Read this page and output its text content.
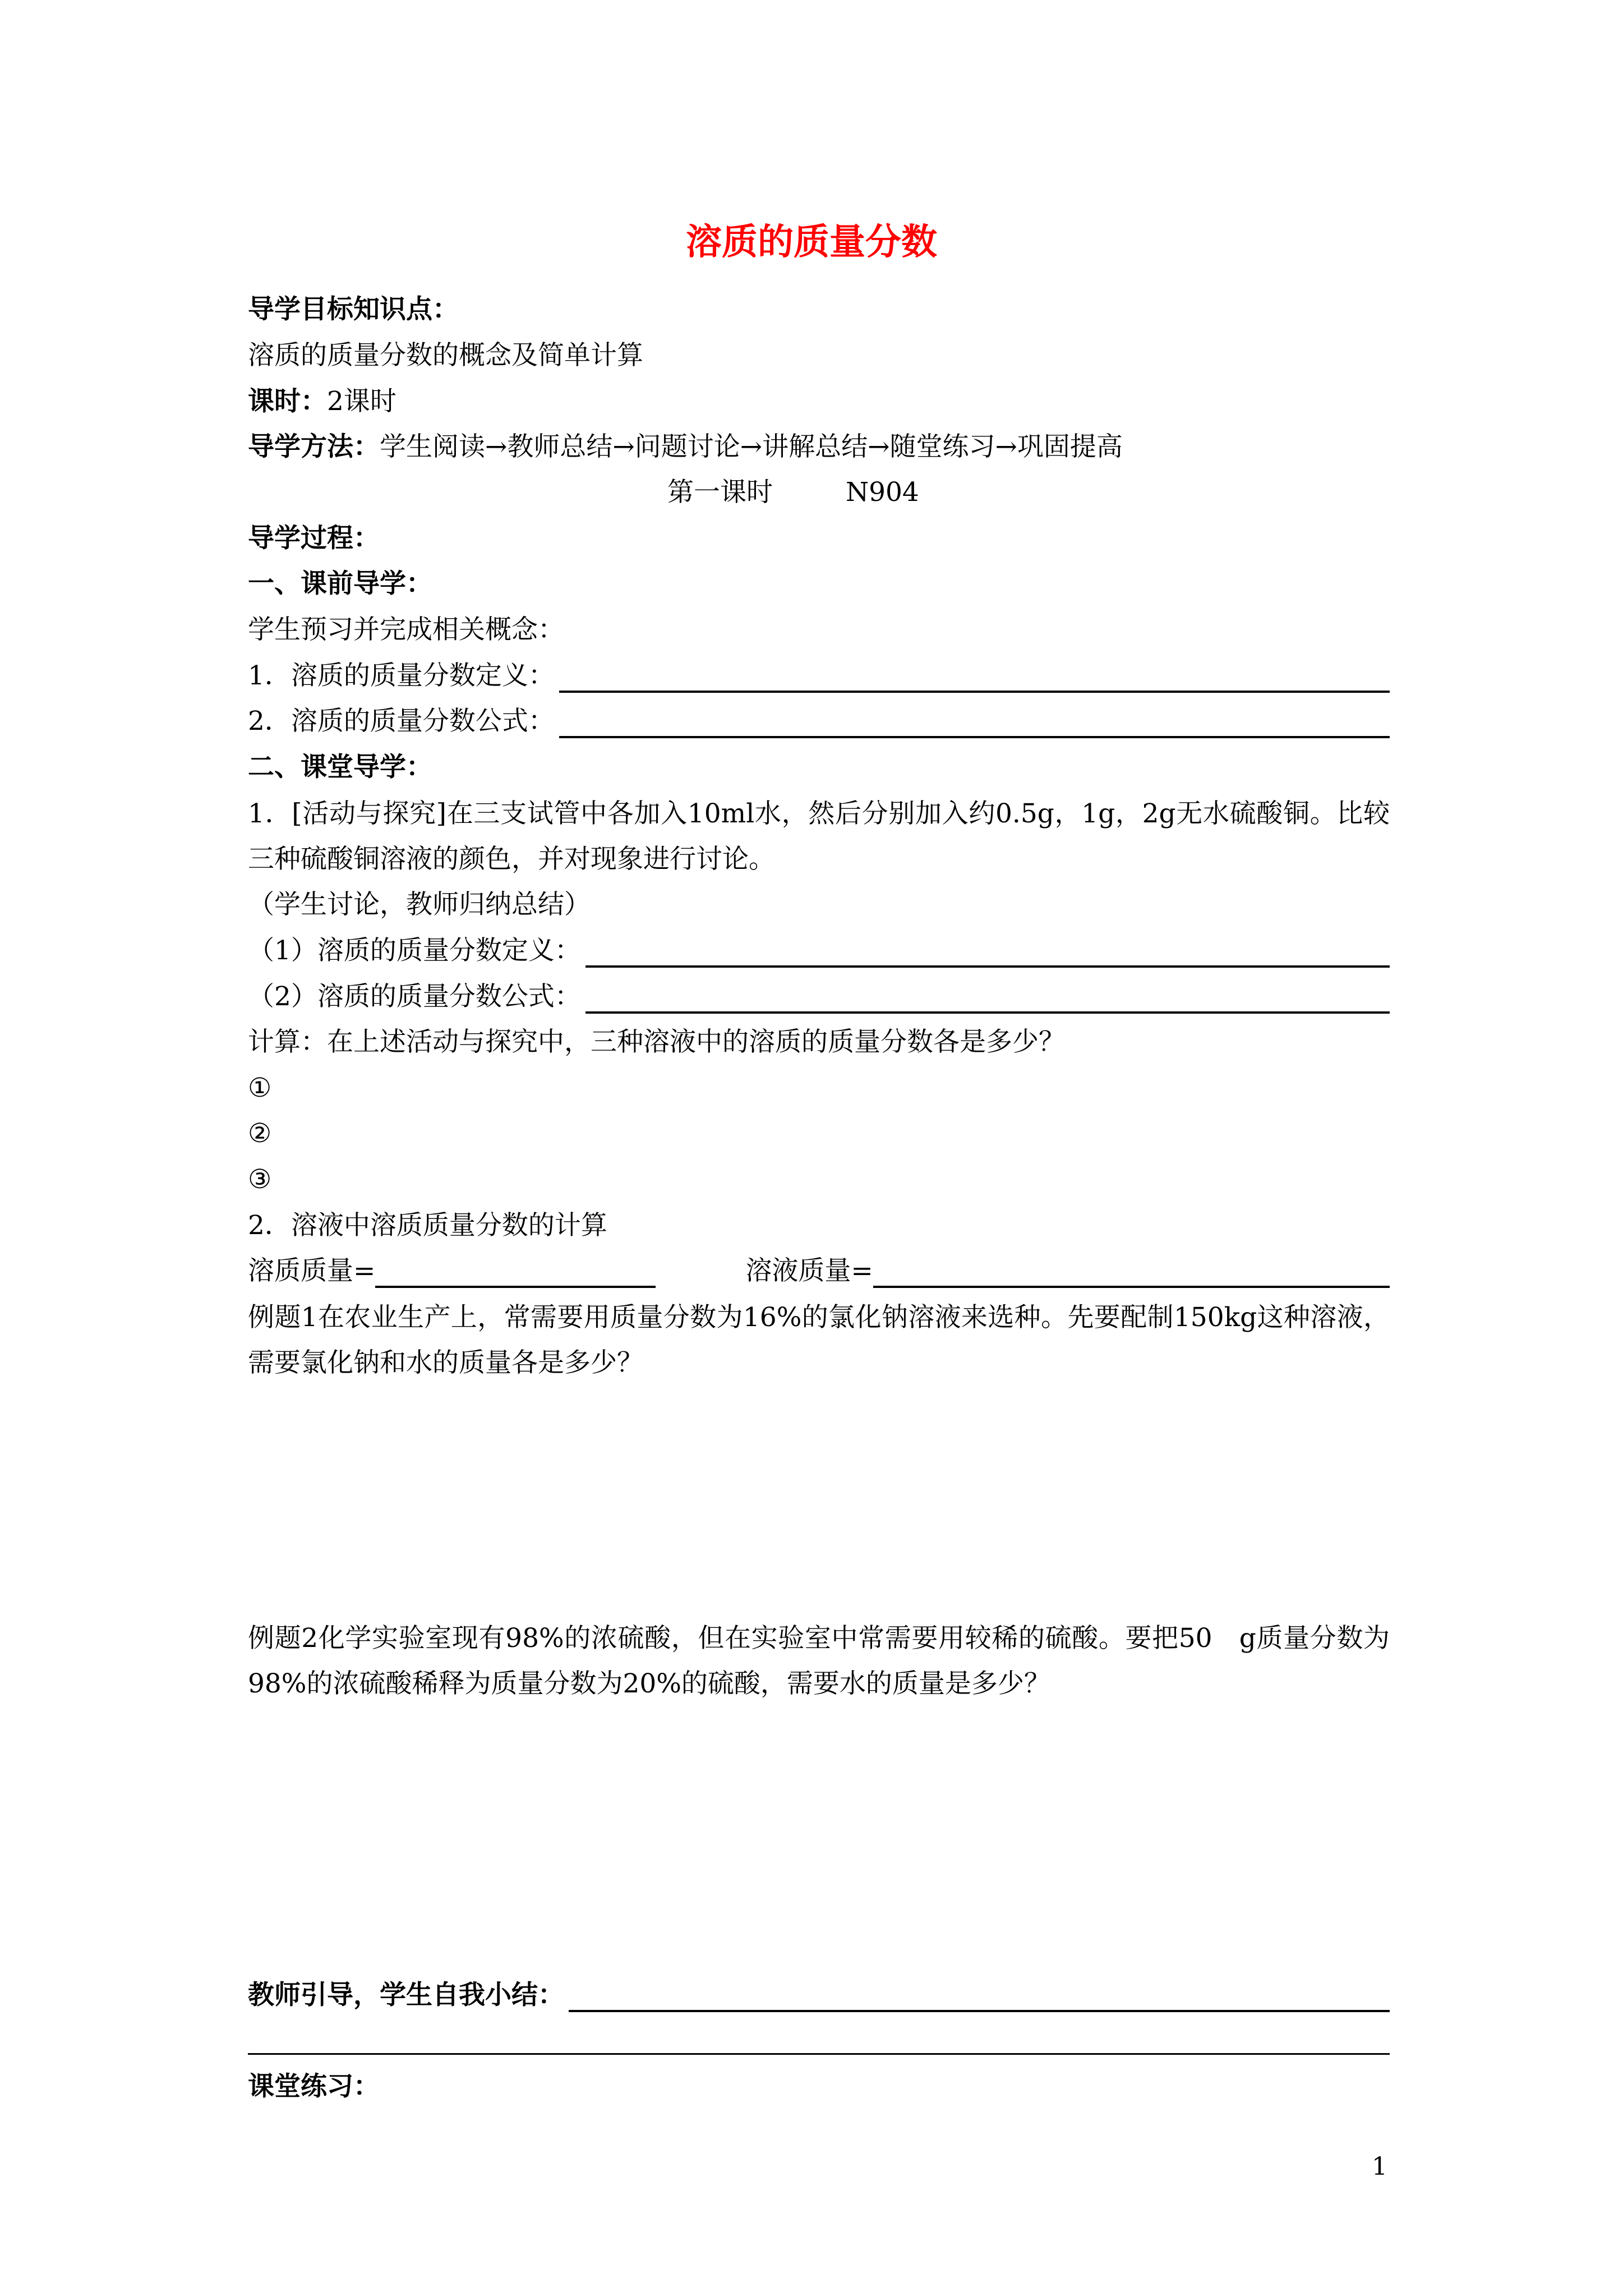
溶质的质量分数
导学目标知识点：
溶质的质量分数的概念及简单计算
课时：2课时
导学方法：学生阅读→教师总结→问题讨论→讲解总结→随堂练习→巩固提高
第一课时	N904
导学过程：
一、课前导学：
学生预习并完成相关概念：
1．溶质的质量分数定义：
2．溶质的质量分数公式：
二、课堂导学：
1．[活动与探究]在三支试管中各加入10ml水，然后分别加入约0.5g，1g，2g无水硫酸铜。比较三种硫酸铜溶液的颜色，并对现象进行讨论。
（学生讨论，教师归纳总结）
（1）溶质的质量分数定义：
（2）溶质的质量分数公式：
计算：在上述活动与探究中，三种溶液中的溶质的质量分数各是多少？
①
②
③
2．溶液中溶质质量分数的计算
溶质质量=	溶液质量=
例题1在农业生产上，常需要用质量分数为16%的氯化钠溶液来选种。先要配制150kg这种溶液，需要氯化钠和水的质量各是多少？
例题2化学实验室现有98%的浓硫酸，但在实验室中常需要用较稀的硫酸。要把50　g质量分数为98%的浓硫酸稀释为质量分数为20%的硫酸，需要水的质量是多少？
教师引导，学生自我小结：
课堂练习：
1
